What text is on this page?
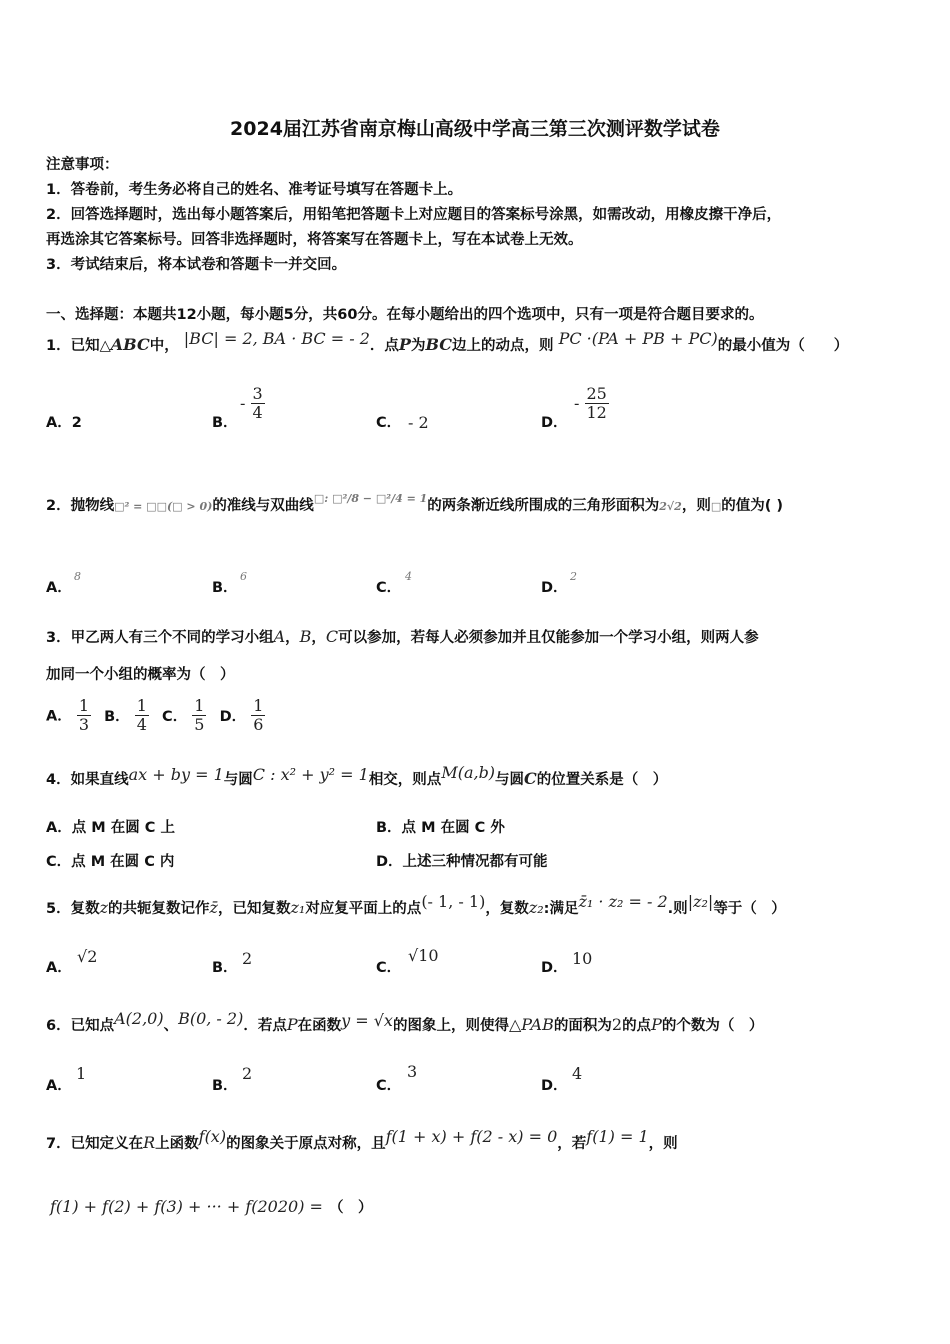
2024届江苏省南京梅山高级中学高三第三次测评数学试卷
注意事项：
1．答卷前，考生务必将自己的姓名、准考证号填写在答题卡上。
2．回答选择题时，选出每小题答案后，用铅笔把答题卡上对应题目的答案标号涂黑，如需改动，用橡皮擦干净后，
再选涂其它答案标号。回答非选择题时，将答案写在答题卡上，写在本试卷上无效。
3．考试结束后，将本试卷和答题卡一并交回。
一、选择题：本题共12小题，每小题5分，共60分。在每小题给出的四个选项中，只有一项是符合题目要求的。
1．已知△ABC中， |BC| = 2, BA · BC = - 2．点P为BC边上的动点，则 PC ·(PA + PB + PC)的最小值为（　　）
A．2	B．
- $\frac{3}{4}$
C． - 2	D．
- $\frac{25}{12}$
2．抛物线□² = □□(□ > 0)的准线与双曲线$^{□: □^2/8 - □^2/4 = 1}$的两条渐近线所围成的三角形面积为2√2，则□的值为( )
A．
8
B．
6
C．
4
D．
2
3．甲乙两人有三个不同的学习小组A，B，C可以参加，若每人必须参加并且仅能参加一个学习小组，则两人参
加同一个小组的概率为（　）
A． $\frac{1}{3}$ B． $\frac{1}{4}$ C． $\frac{1}{5}$ D． $\frac{1}{6}$
4．如果直线ax + by = 1与圆C : x² + y² = 1相交，则点M(a,b)与圆C的位置关系是（　）
A．点 M 在圆 C 上	B．点 M 在圆 C 外
C．点 M 在圆 C 内	D．上述三种情况都有可能
5．复数z的共轭复数记作z̄，已知复数z₁对应复平面上的点(- 1, - 1)，复数z₂:满足z̄₁ · z₂ = - 2.则|z₂|等于（　）
A．
√2
B． 2	C．
√10
D． 10
6．已知点A(2,0)、B(0, - 2)．若点P在函数y = √x的图象上，则使得△PAB的面积为2的点P的个数为（　）
A．
1
B．
2
C．
3
D．
4
7．已知定义在R上函数f(x)的图象关于原点对称，且f(1 + x) + f(2 - x) = 0，若f(1) = 1，则
f(1) + f(2) + f(3) + ··· + f(2020) = （　）
